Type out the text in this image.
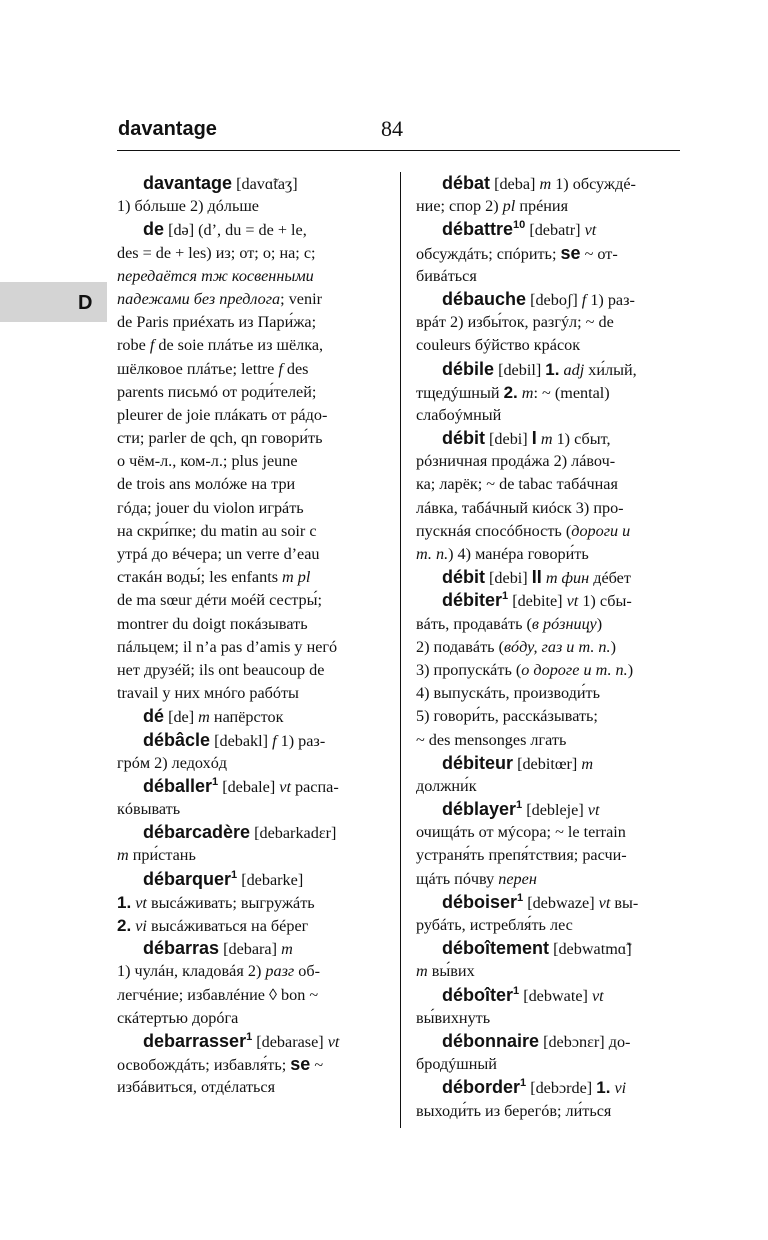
davantage	84
D
davantage [davɑ̃taʒ]
1) бóльше 2) дóльше
de [də] (d’, du = de + le,
des = de + les) из; от; о; на; с;
передаётся тж косвенными
падежами без предлога; venir
de Paris приéхать из Пари́жа;
robe f de soie плáтье из шёлка,
шёлковое плáтье; lettre f des
parents письмó от роди́телей;
pleurer de joie плáкать от рáдо-
сти; parler de qch, qn говори́ть
о чём-л., ком-л.; plus jeune
de trois ans молóже на три
гóда; jouer du violon игрáть
на скри́пке; du matin au soir с
утрá до вéчера; un verre d’eau
стакáн воды́; les enfants m pl
de ma sœur дéти моéй сестры́;
montrer du doigt покáзывать
пáльцем; il n’a pas d’amis у негó
нет друзéй; ils ont beaucoup de
travail у них мнóго рабóты
dé [de] m напёрсток
débâcle [debakl] f 1) раз-
грóм 2) ледохóд
déballer$^1$ [debale] vt распа-
кóвывать
débarcadère [debarkadɛr]
m при́стань
débarquer$^1$ [debarke]
1. vt высáживать; выгружáть
2. vi высáживаться на бéрег
débarras [debara] m
1) чулáн, кладовáя 2) разг об-
легчéние; избавлéние ◊ bon ~
скáтертью дорóга
debarrasser$^1$ [debarase] vt
освобождáть; избавля́ть; se ~
избáвиться, отдéлаться
débat [deba] m 1) обсуждé-
ние; спор 2) pl прéния
débattre$^{10}$ [debatr] vt
обсуждáть; спóрить; se ~ от-
бивáться
débauche [deboʃ] f 1) раз-
врáт 2) избы́ток, разгýл; ~ de
couleurs бýйство крáсок
débile [debil] 1. adj хи́лый,
тщедýшный 2. m: ~ (mental)
слабоýмный
débit [debi] I m 1) сбыт,
рóзничная продáжа 2) лáвоч-
ка; ларёк; ~ de tabac табáчная
лáвка, табáчный киóск 3) про-
пускнáя спосóбность (дороги и
т. п.) 4) манéра говори́ть
débit [debi] II m фин дéбет
débiter$^1$ [debite] vt 1) сбы-
вáть, продавáть (в рóзницу)
2) подавáть (вóду, газ и т. п.)
3) пропускáть (о дороге и т. п.)
4) выпускáть, производи́ть
5) говори́ть, расскáзывать;
~ des mensonges лгать
débiteur [debitœr] m
должни́к
déblayer$^1$ [debleje] vt
очищáть от мýсора; ~ le terrain
устраня́ть препя́тствия; расчи-
щáть пóчву перен
déboiser$^1$ [debwaze] vt вы-
рубáть, истребля́ть лес
déboîtement [debwatmɑ̃]
m вы́вих
déboîter$^1$ [debwate] vt
вы́вихнуть
débonnaire [debɔnɛr] до-
бродýшный
déborder$^1$ [debɔrde] 1. vi
выходи́ть из берегóв; ли́ться
